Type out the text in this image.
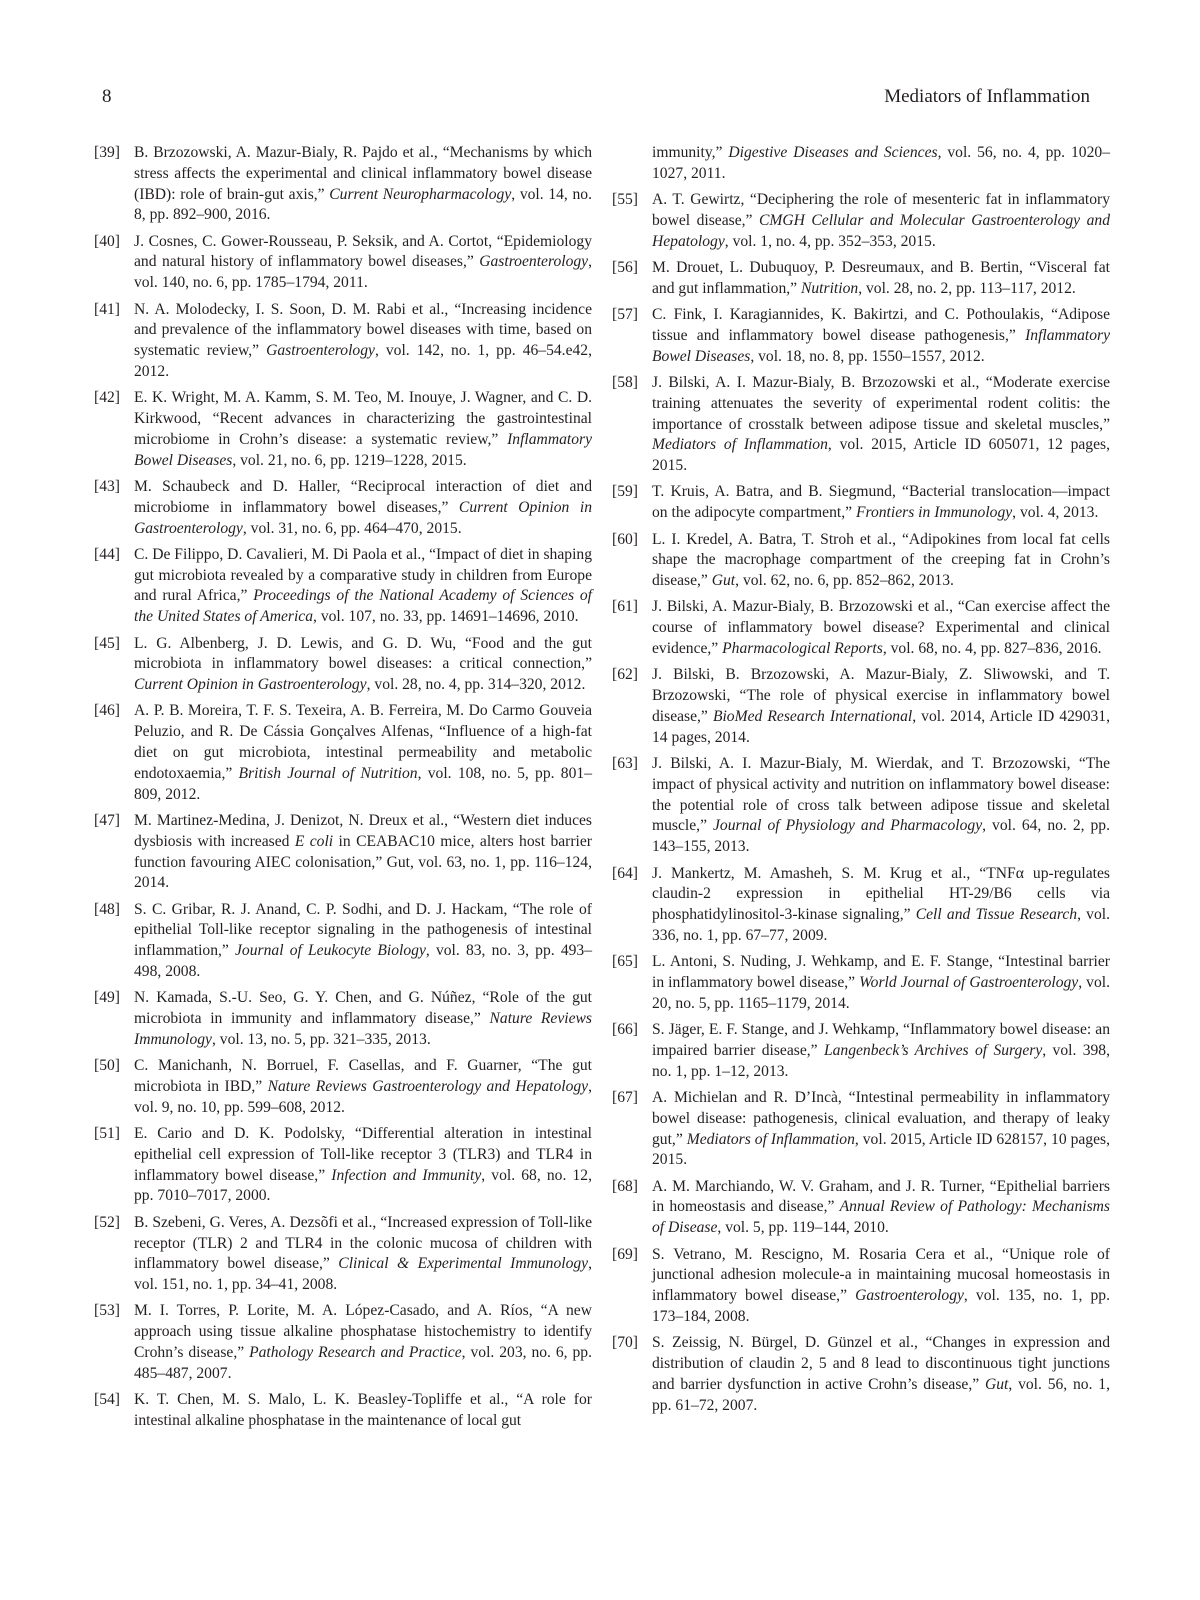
8	Mediators of Inflammation

[39] B. Brzozowski, A. Mazur-Bialy, R. Pajdo et al., “Mechanisms by which stress affects the experimental and clinical inflammatory bowel disease (IBD): role of brain-gut axis,” Current Neuropharmacology, vol. 14, no. 8, pp. 892–900, 2016.

[40] J. Cosnes, C. Gower-Rousseau, P. Seksik, and A. Cortot, “Epidemiology and natural history of inflammatory bowel diseases,” Gastroenterology, vol. 140, no. 6, pp. 1785–1794, 2011.

[41] N. A. Molodecky, I. S. Soon, D. M. Rabi et al., “Increasing incidence and prevalence of the inflammatory bowel diseases with time, based on systematic review,” Gastroenterology, vol. 142, no. 1, pp. 46–54.e42, 2012.

[42] E. K. Wright, M. A. Kamm, S. M. Teo, M. Inouye, J. Wagner, and C. D. Kirkwood, “Recent advances in characterizing the gastrointestinal microbiome in Crohn’s disease: a systematic review,” Inflammatory Bowel Diseases, vol. 21, no. 6, pp. 1219–1228, 2015.

[43] M. Schaubeck and D. Haller, “Reciprocal interaction of diet and microbiome in inflammatory bowel diseases,” Current Opinion in Gastroenterology, vol. 31, no. 6, pp. 464–470, 2015.

[44] C. De Filippo, D. Cavalieri, M. Di Paola et al., “Impact of diet in shaping gut microbiota revealed by a comparative study in children from Europe and rural Africa,” Proceedings of the National Academy of Sciences of the United States of America, vol. 107, no. 33, pp. 14691–14696, 2010.

[45] L. G. Albenberg, J. D. Lewis, and G. D. Wu, “Food and the gut microbiota in inflammatory bowel diseases: a critical connection,” Current Opinion in Gastroenterology, vol. 28, no. 4, pp. 314–320, 2012.

[46] A. P. B. Moreira, T. F. S. Texeira, A. B. Ferreira, M. Do Carmo Gouveia Peluzio, and R. De Cássia Gonçalves Alfenas, “Influence of a high-fat diet on gut microbiota, intestinal permeability and metabolic endotoxaemia,” British Journal of Nutrition, vol. 108, no. 5, pp. 801–809, 2012.

[47] M. Martinez-Medina, J. Denizot, N. Dreux et al., “Western diet induces dysbiosis with increased E coli in CEABAC10 mice, alters host barrier function favouring AIEC colonisation,” Gut, vol. 63, no. 1, pp. 116–124, 2014.

[48] S. C. Gribar, R. J. Anand, C. P. Sodhi, and D. J. Hackam, “The role of epithelial Toll-like receptor signaling in the pathogenesis of intestinal inflammation,” Journal of Leukocyte Biology, vol. 83, no. 3, pp. 493–498, 2008.

[49] N. Kamada, S.-U. Seo, G. Y. Chen, and G. Núñez, “Role of the gut microbiota in immunity and inflammatory disease,” Nature Reviews Immunology, vol. 13, no. 5, pp. 321–335, 2013.

[50] C. Manichanh, N. Borruel, F. Casellas, and F. Guarner, “The gut microbiota in IBD,” Nature Reviews Gastroenterology and Hepatology, vol. 9, no. 10, pp. 599–608, 2012.

[51] E. Cario and D. K. Podolsky, “Differential alteration in intestinal epithelial cell expression of Toll-like receptor 3 (TLR3) and TLR4 in inflammatory bowel disease,” Infection and Immunity, vol. 68, no. 12, pp. 7010–7017, 2000.

[52] B. Szebeni, G. Veres, A. Dezsõfi et al., “Increased expression of Toll-like receptor (TLR) 2 and TLR4 in the colonic mucosa of children with inflammatory bowel disease,” Clinical & Experimental Immunology, vol. 151, no. 1, pp. 34–41, 2008.

[53] M. I. Torres, P. Lorite, M. A. López-Casado, and A. Ríos, “A new approach using tissue alkaline phosphatase histochemistry to identify Crohn’s disease,” Pathology Research and Practice, vol. 203, no. 6, pp. 485–487, 2007.

[54] K. T. Chen, M. S. Malo, L. K. Beasley-Topliffe et al., “A role for intestinal alkaline phosphatase in the maintenance of local gut

immunity,” Digestive Diseases and Sciences, vol. 56, no. 4, pp. 1020–1027, 2011.

[55] A. T. Gewirtz, “Deciphering the role of mesenteric fat in inflammatory bowel disease,” CMGH Cellular and Molecular Gastroenterology and Hepatology, vol. 1, no. 4, pp. 352–353, 2015.

[56] M. Drouet, L. Dubuquoy, P. Desreumaux, and B. Bertin, “Visceral fat and gut inflammation,” Nutrition, vol. 28, no. 2, pp. 113–117, 2012.

[57] C. Fink, I. Karagiannides, K. Bakirtzi, and C. Pothoulakis, “Adipose tissue and inflammatory bowel disease pathogenesis,” Inflammatory Bowel Diseases, vol. 18, no. 8, pp. 1550–1557, 2012.

[58] J. Bilski, A. I. Mazur-Bialy, B. Brzozowski et al., “Moderate exercise training attenuates the severity of experimental rodent colitis: the importance of crosstalk between adipose tissue and skeletal muscles,” Mediators of Inflammation, vol. 2015, Article ID 605071, 12 pages, 2015.

[59] T. Kruis, A. Batra, and B. Siegmund, “Bacterial translocation—impact on the adipocyte compartment,” Frontiers in Immunology, vol. 4, 2013.

[60] L. I. Kredel, A. Batra, T. Stroh et al., “Adipokines from local fat cells shape the macrophage compartment of the creeping fat in Crohn’s disease,” Gut, vol. 62, no. 6, pp. 852–862, 2013.

[61] J. Bilski, A. Mazur-Bialy, B. Brzozowski et al., “Can exercise affect the course of inflammatory bowel disease? Experimental and clinical evidence,” Pharmacological Reports, vol. 68, no. 4, pp. 827–836, 2016.

[62] J. Bilski, B. Brzozowski, A. Mazur-Bialy, Z. Sliwowski, and T. Brzozowski, “The role of physical exercise in inflammatory bowel disease,” BioMed Research International, vol. 2014, Article ID 429031, 14 pages, 2014.

[63] J. Bilski, A. I. Mazur-Bialy, M. Wierdak, and T. Brzozowski, “The impact of physical activity and nutrition on inflammatory bowel disease: the potential role of cross talk between adipose tissue and skeletal muscle,” Journal of Physiology and Pharmacology, vol. 64, no. 2, pp. 143–155, 2013.

[64] J. Mankertz, M. Amasheh, S. M. Krug et al., “TNFα up-regulates claudin-2 expression in epithelial HT-29/B6 cells via phosphatidylinositol-3-kinase signaling,” Cell and Tissue Research, vol. 336, no. 1, pp. 67–77, 2009.

[65] L. Antoni, S. Nuding, J. Wehkamp, and E. F. Stange, “Intestinal barrier in inflammatory bowel disease,” World Journal of Gastroenterology, vol. 20, no. 5, pp. 1165–1179, 2014.

[66] S. Jäger, E. F. Stange, and J. Wehkamp, “Inflammatory bowel disease: an impaired barrier disease,” Langenbeck’s Archives of Surgery, vol. 398, no. 1, pp. 1–12, 2013.

[67] A. Michielan and R. D’Incà, “Intestinal permeability in inflammatory bowel disease: pathogenesis, clinical evaluation, and therapy of leaky gut,” Mediators of Inflammation, vol. 2015, Article ID 628157, 10 pages, 2015.

[68] A. M. Marchiando, W. V. Graham, and J. R. Turner, “Epithelial barriers in homeostasis and disease,” Annual Review of Pathology: Mechanisms of Disease, vol. 5, pp. 119–144, 2010.

[69] S. Vetrano, M. Rescigno, M. Rosaria Cera et al., “Unique role of junctional adhesion molecule-a in maintaining mucosal homeostasis in inflammatory bowel disease,” Gastroenterology, vol. 135, no. 1, pp. 173–184, 2008.

[70] S. Zeissig, N. Bürgel, D. Günzel et al., “Changes in expression and distribution of claudin 2, 5 and 8 lead to discontinuous tight junctions and barrier dysfunction in active Crohn’s disease,” Gut, vol. 56, no. 1, pp. 61–72, 2007.
